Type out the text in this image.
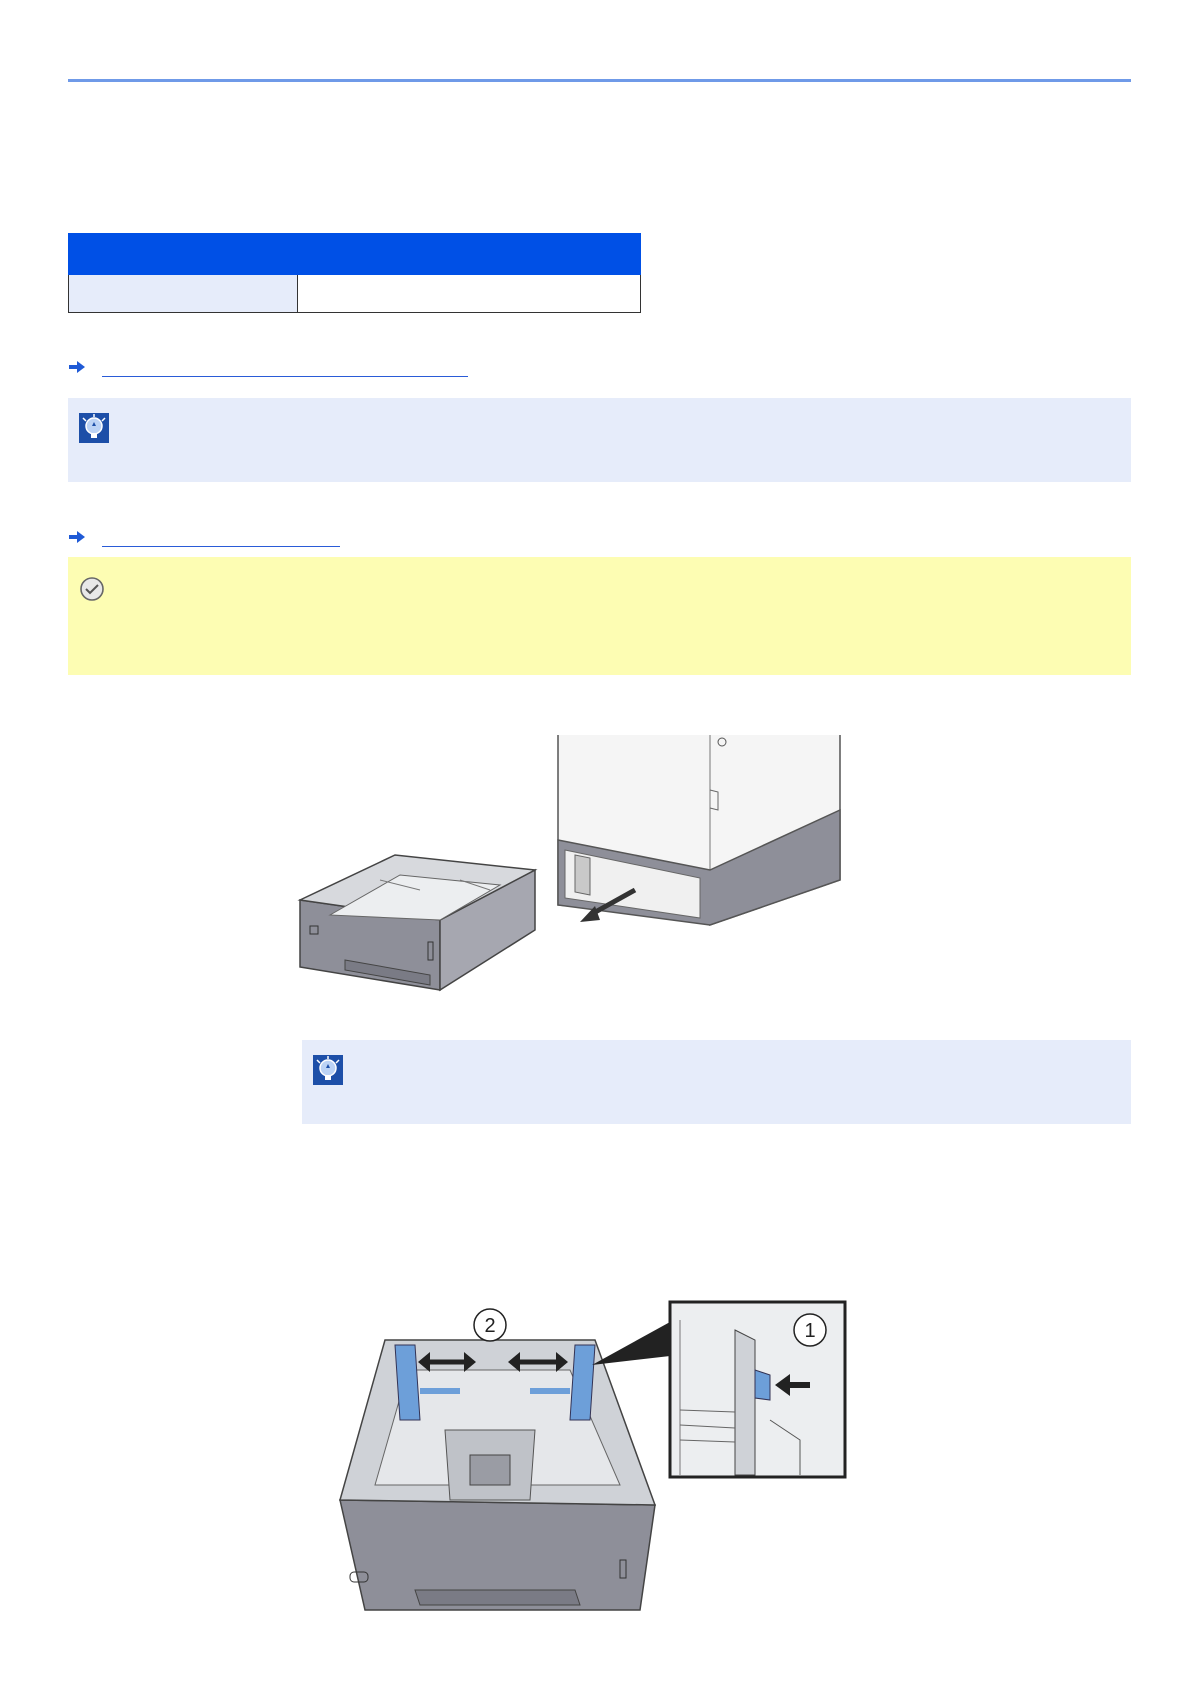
2	1
